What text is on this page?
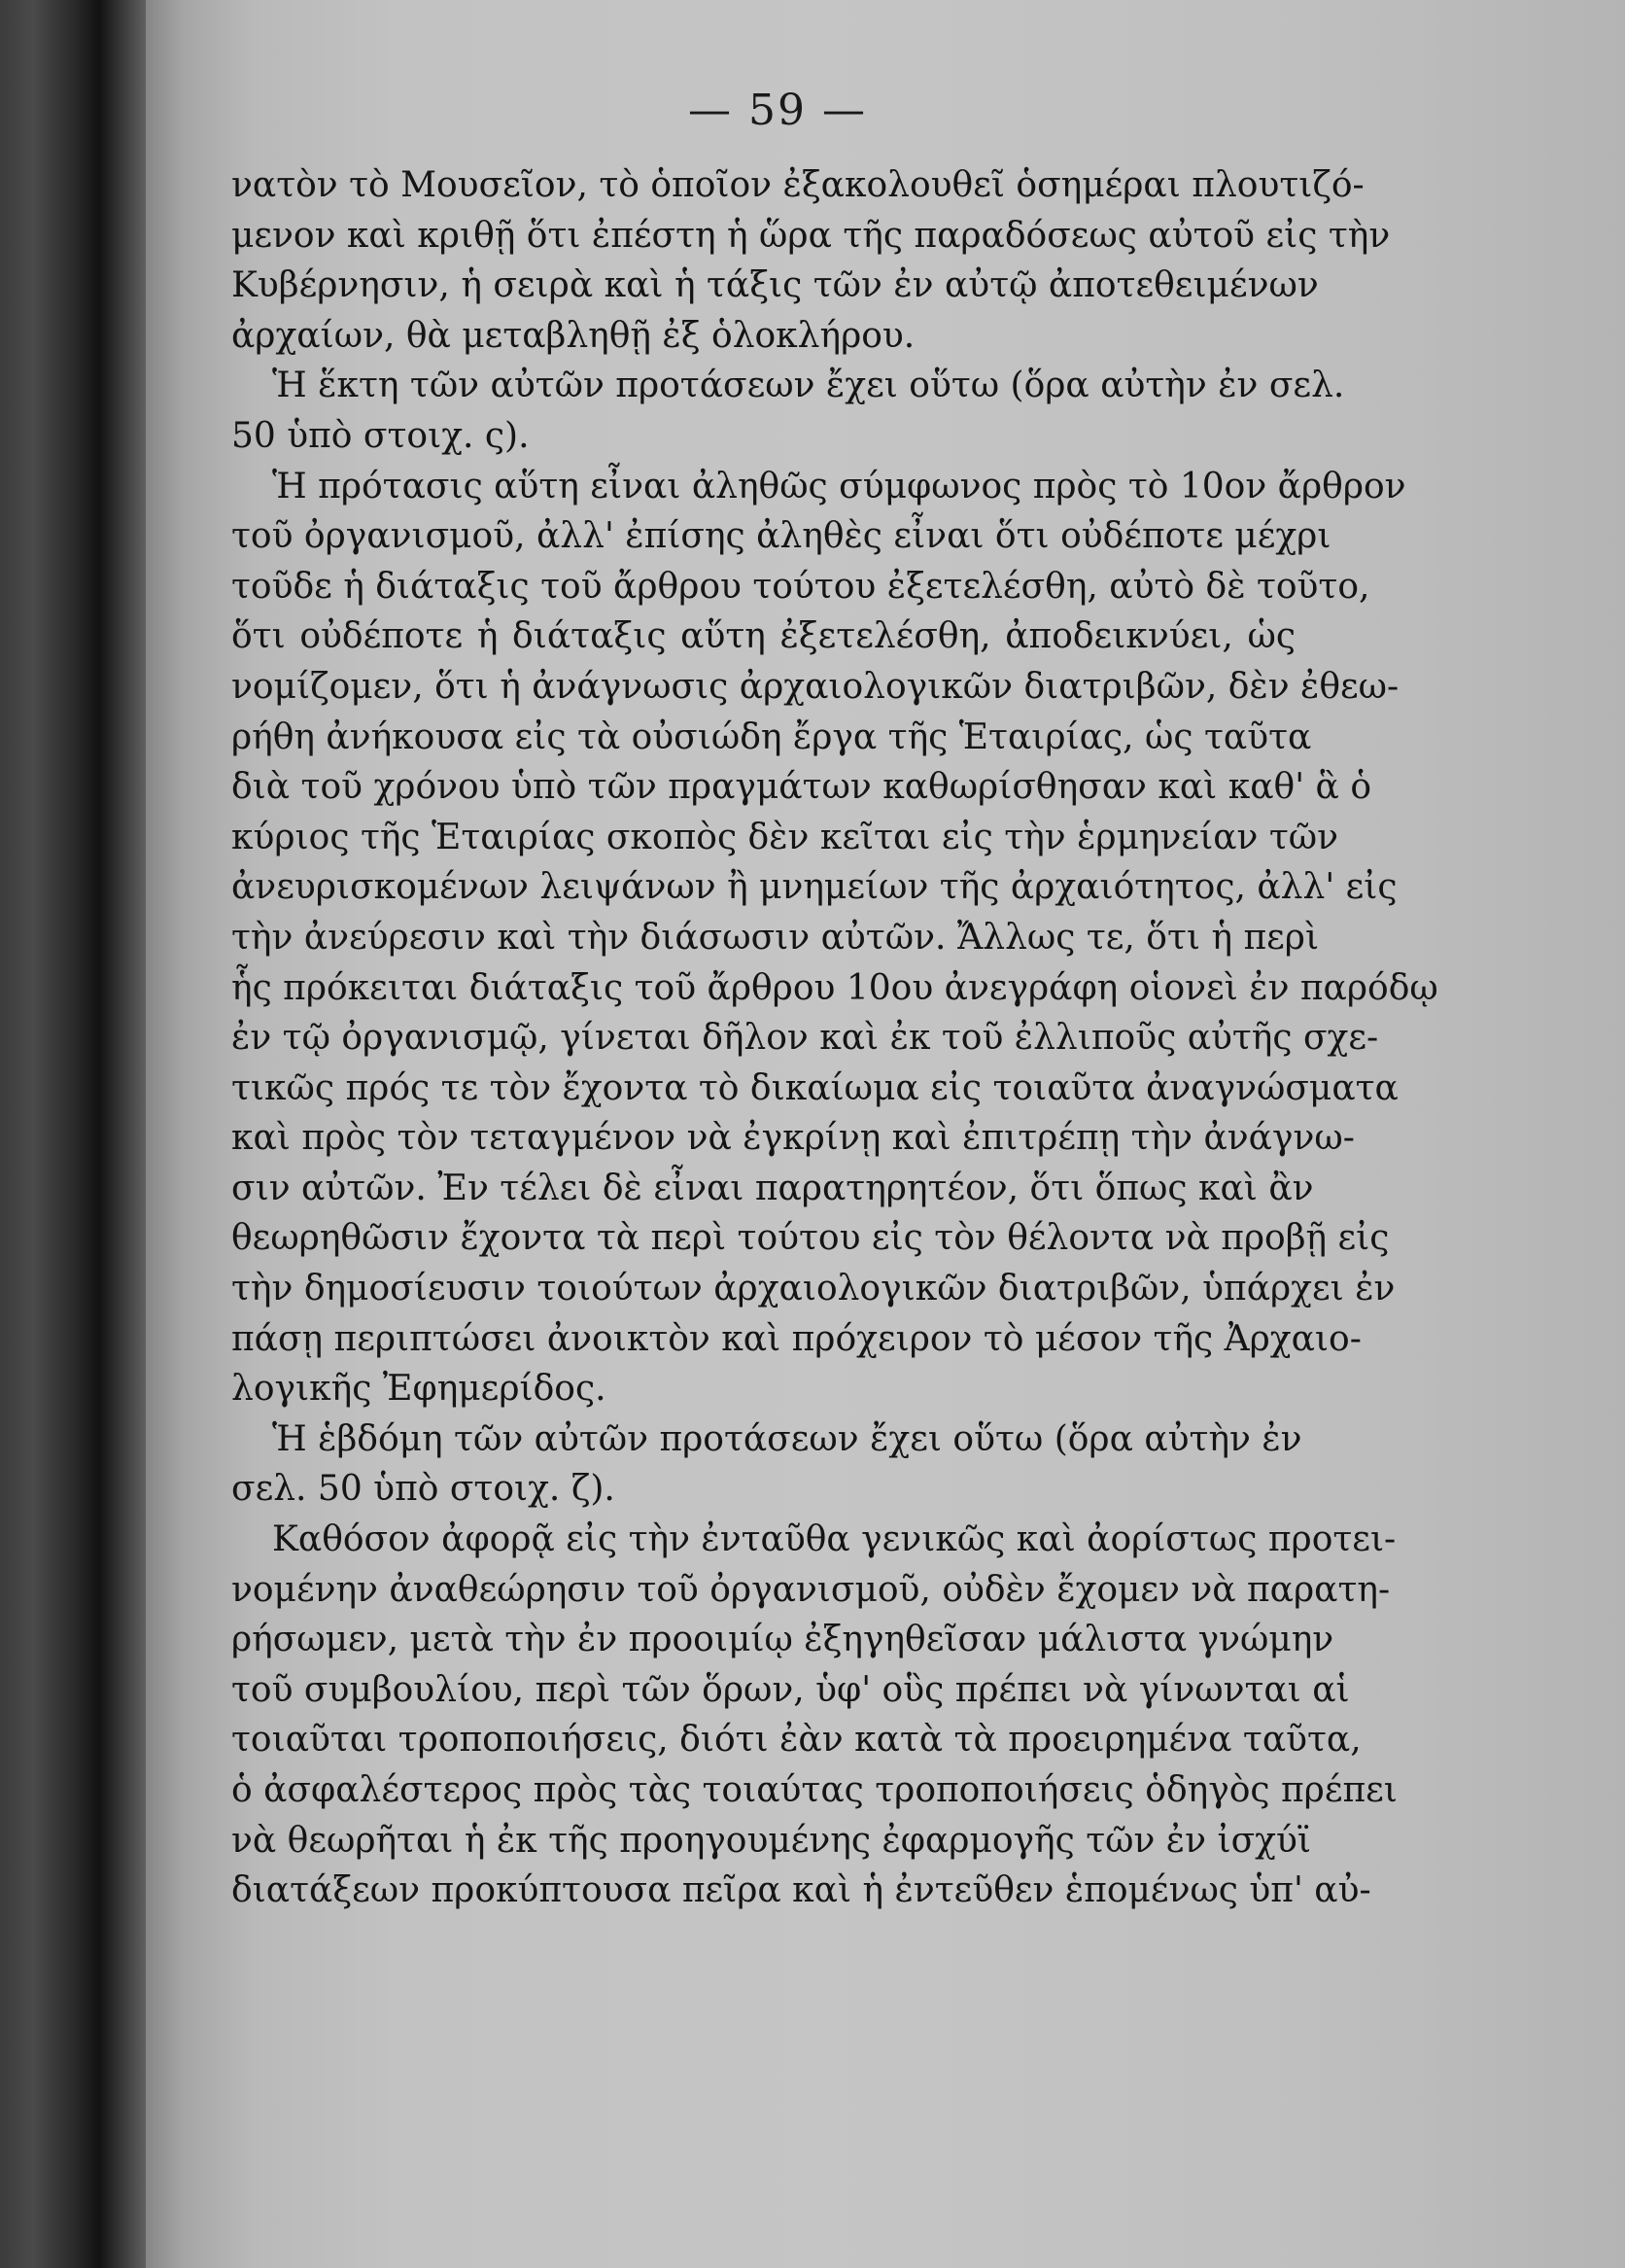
— 59 —
νατὸν τὸ Μουσεῖον, τὸ ὁποῖον ἐξακολουθεῖ ὁσημέραι πλουτιζό-
μενον καὶ κριθῇ ὅτι ἐπέστη ἡ ὥρα τῆς παραδόσεως αὐτοῦ εἰς τὴν
Κυβέρνησιν, ἡ σειρὰ καὶ ἡ τάξις τῶν ἐν αὐτῷ ἀποτεθειμένων
ἀρχαίων, θὰ μεταβληθῇ ἐξ ὁλοκλήρου.
Ἡ ἕκτη τῶν αὐτῶν προτάσεων ἔχει οὕτω (ὅρα αὐτὴν ἐν σελ.
50 ὑπὸ στοιχ. ς).
Ἡ πρότασις αὕτη εἶναι ἀληθῶς σύμφωνος πρὸς τὸ 10ον ἄρθρον
τοῦ ὀργανισμοῦ, ἀλλ' ἐπίσης ἀληθὲς εἶναι ὅτι οὐδέποτε μέχρι
τοῦδε ἡ διάταξις τοῦ ἄρθρου τούτου ἐξετελέσθη, αὐτὸ δὲ τοῦτο,
ὅτι οὐδέποτε ἡ διάταξις αὕτη ἐξετελέσθη, ἀποδεικνύει, ὡς
νομίζομεν, ὅτι ἡ ἀνάγνωσις ἀρχαιολογικῶν διατριβῶν, δὲν ἐθεω-
ρήθη ἀνήκουσα εἰς τὰ οὐσιώδη ἔργα τῆς Ἑταιρίας, ὡς ταῦτα
διὰ τοῦ χρόνου ὑπὸ τῶν πραγμάτων καθωρίσθησαν καὶ καθ' ἃ ὁ
κύριος τῆς Ἑταιρίας σκοπὸς δὲν κεῖται εἰς τὴν ἑρμηνείαν τῶν
ἀνευρισκομένων λειψάνων ἢ μνημείων τῆς ἀρχαιότητος, ἀλλ' εἰς
τὴν ἀνεύρεσιν καὶ τὴν διάσωσιν αὐτῶν. Ἄλλως τε, ὅτι ἡ περὶ
ἧς πρόκειται διάταξις τοῦ ἄρθρου 10ου ἀνεγράφη οἱονεὶ ἐν παρόδῳ
ἐν τῷ ὀργανισμῷ, γίνεται δῆλον καὶ ἐκ τοῦ ἐλλιποῦς αὐτῆς σχε-
τικῶς πρός τε τὸν ἔχοντα τὸ δικαίωμα εἰς τοιαῦτα ἀναγνώσματα
καὶ πρὸς τὸν τεταγμένον νὰ ἐγκρίνῃ καὶ ἐπιτρέπῃ τὴν ἀνάγνω-
σιν αὐτῶν. Ἐν τέλει δὲ εἶναι παρατηρητέον, ὅτι ὅπως καὶ ἂν
θεωρηθῶσιν ἔχοντα τὰ περὶ τούτου εἰς τὸν θέλοντα νὰ προβῇ εἰς
τὴν δημοσίευσιν τοιούτων ἀρχαιολογικῶν διατριβῶν, ὑπάρχει ἐν
πάσῃ περιπτώσει ἀνοικτὸν καὶ πρόχειρον τὸ μέσον τῆς Ἀρχαιο-
λογικῆς Ἐφημερίδος.
Ἡ ἑβδόμη τῶν αὐτῶν προτάσεων ἔχει οὕτω (ὅρα αὐτὴν ἐν
σελ. 50 ὑπὸ στοιχ. ζ).
Καθόσον ἀφορᾷ εἰς τὴν ἐνταῦθα γενικῶς καὶ ἀορίστως προτει-
νομένην ἀναθεώρησιν τοῦ ὀργανισμοῦ, οὐδὲν ἔχομεν νὰ παρατη-
ρήσωμεν, μετὰ τὴν ἐν προοιμίῳ ἐξηγηθεῖσαν μάλιστα γνώμην
τοῦ συμβουλίου, περὶ τῶν ὅρων, ὑφ' οὓς πρέπει νὰ γίνωνται αἱ
τοιαῦται τροποποιήσεις, διότι ἐὰν κατὰ τὰ προειρημένα ταῦτα,
ὁ ἀσφαλέστερος πρὸς τὰς τοιαύτας τροποποιήσεις ὁδηγὸς πρέπει
νὰ θεωρῆται ἡ ἐκ τῆς προηγουμένης ἐφαρμογῆς τῶν ἐν ἰσχύϊ
διατάξεων προκύπτουσα πεῖρα καὶ ἡ ἐντεῦθεν ἑπομένως ὑπ' αὐ-
